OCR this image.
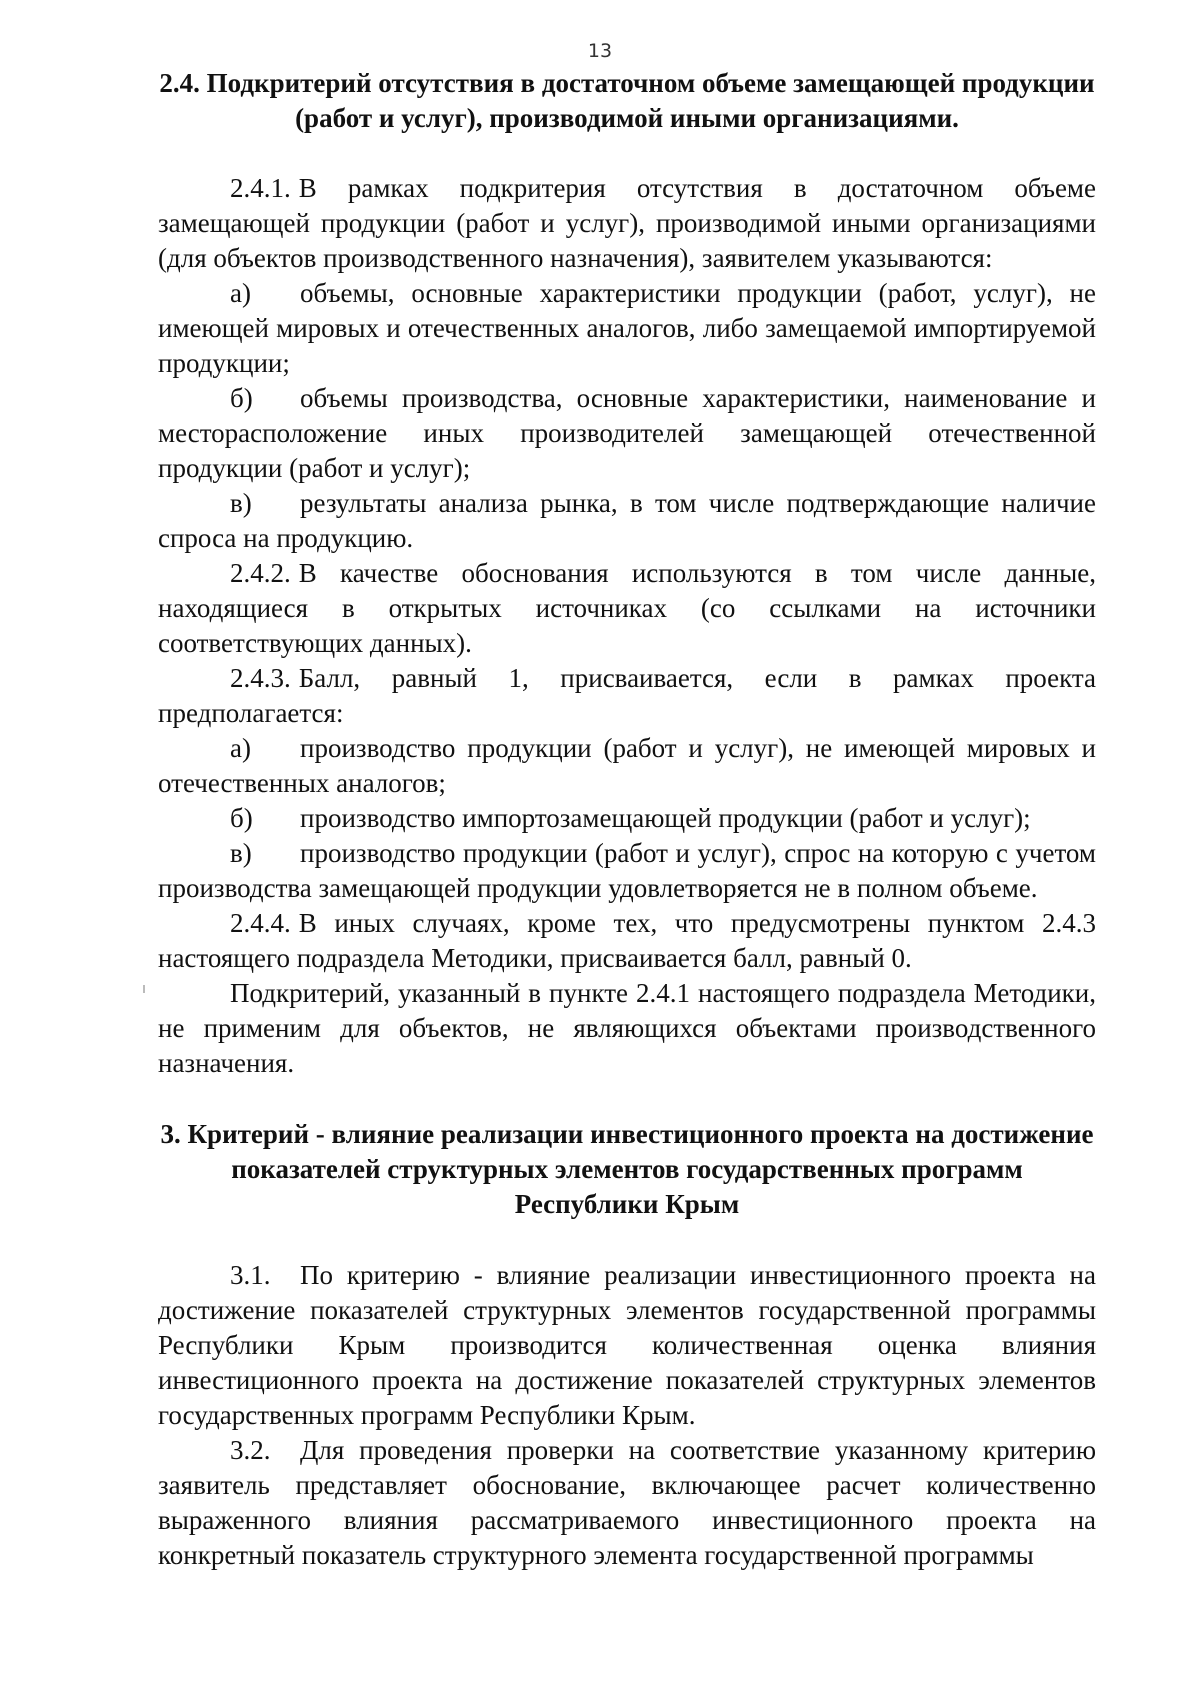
13
2.4. Подкритерий отсутствия в достаточном объеме замещающей продукции (работ и услуг), производимой иными организациями.

2.4.1. В рамках подкритерия отсутствия в достаточном объеме замещающей продукции (работ и услуг), производимой иными организациями (для объектов производственного назначения), заявителем указываются:

а) объемы, основные характеристики продукции (работ, услуг), не имеющей мировых и отечественных аналогов, либо замещаемой импортируемой продукции;

б) объемы производства, основные характеристики, наименование и месторасположение иных производителей замещающей отечественной продукции (работ и услуг);

в) результаты анализа рынка, в том числе подтверждающие наличие спроса на продукцию.

2.4.2. В качестве обоснования используются в том числе данные, находящиеся в открытых источниках (со ссылками на источники соответствующих данных).

2.4.3. Балл, равный 1, присваивается, если в рамках проекта предполагается:

а) производство продукции (работ и услуг), не имеющей мировых и отечественных аналогов;

б) производство импортозамещающей продукции (работ и услуг);

в) производство продукции (работ и услуг), спрос на которую с учетом производства замещающей продукции удовлетворяется не в полном объеме.

2.4.4. В иных случаях, кроме тех, что предусмотрены пунктом 2.4.3 настоящего подраздела Методики, присваивается балл, равный 0.

Подкритерий, указанный в пункте 2.4.1 настоящего подраздела Методики, не применим для объектов, не являющихся объектами производственного назначения.

3. Критерий - влияние реализации инвестиционного проекта на достижение показателей структурных элементов государственных программ Республики Крым

3.1. По критерию - влияние реализации инвестиционного проекта на достижение показателей структурных элементов государственной программы Республики Крым производится количественная оценка влияния инвестиционного проекта на достижение показателей структурных элементов государственных программ Республики Крым.

3.2. Для проведения проверки на соответствие указанному критерию заявитель представляет обоснование, включающее расчет количественно выраженного влияния рассматриваемого инвестиционного проекта на конкретный показатель структурного элемента государственной программы
